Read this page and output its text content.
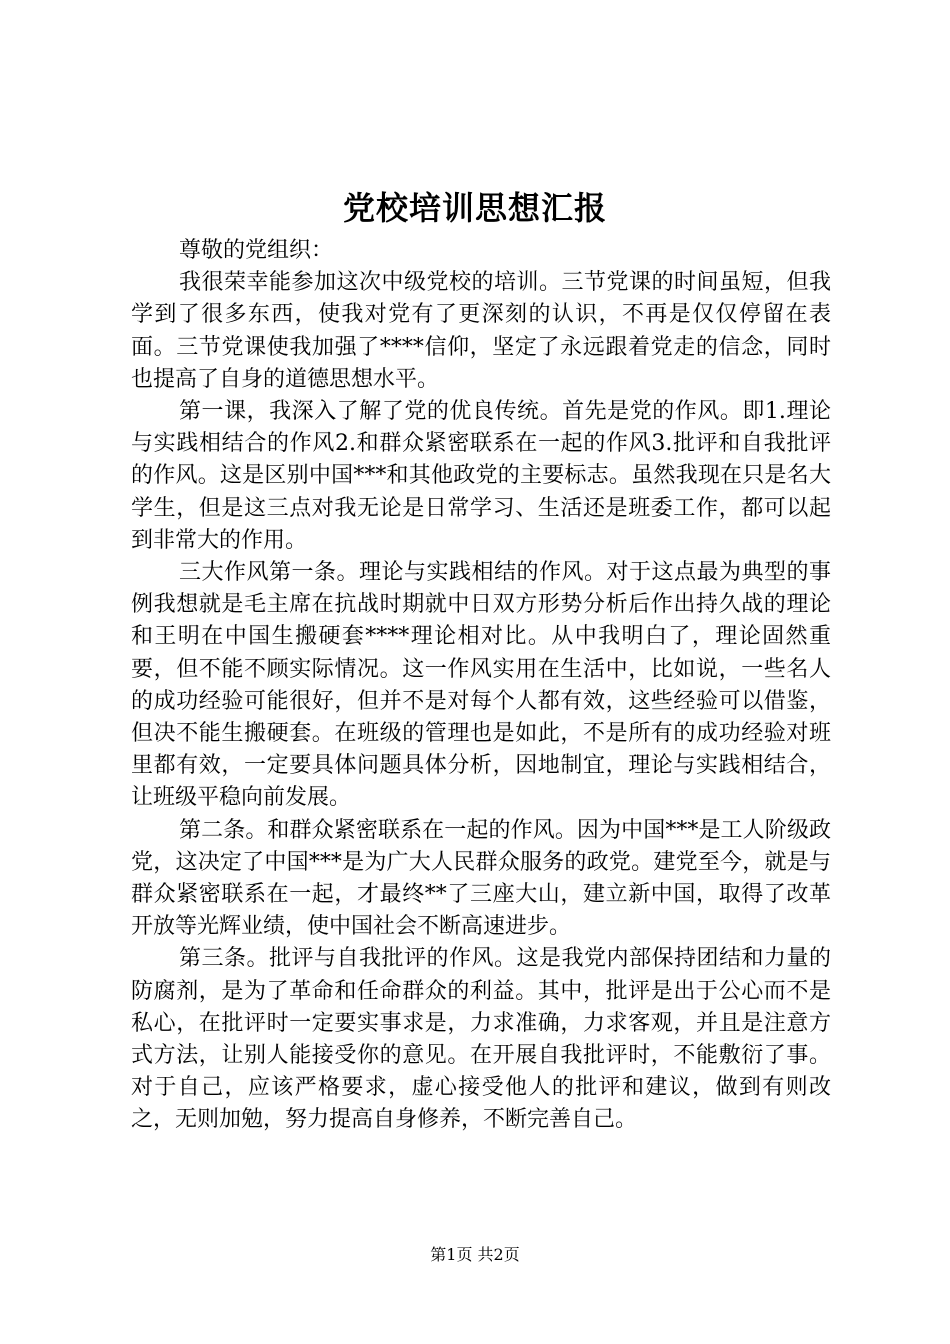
党校培训思想汇报

尊敬的党组织：

我很荣幸能参加这次中级党校的培训。三节党课的时间虽短，但我学到了很多东西，使我对党有了更深刻的认识，不再是仅仅停留在表面。三节党课使我加强了****信仰，坚定了永远跟着党走的信念，同时也提高了自身的道德思想水平。

第一课，我深入了解了党的优良传统。首先是党的作风。即1.理论与实践相结合的作风2.和群众紧密联系在一起的作风3.批评和自我批评的作风。这是区别中国***和其他政党的主要标志。虽然我现在只是名大学生，但是这三点对我无论是日常学习、生活还是班委工作，都可以起到非常大的作用。

三大作风第一条。理论与实践相结的作风。对于这点最为典型的事例我想就是毛主席在抗战时期就中日双方形势分析后作出持久战的理论和王明在中国生搬硬套****理论相对比。从中我明白了，理论固然重要，但不能不顾实际情况。这一作风实用在生活中，比如说，一些名人的成功经验可能很好，但并不是对每个人都有效，这些经验可以借鉴，但决不能生搬硬套。在班级的管理也是如此，不是所有的成功经验对班里都有效，一定要具体问题具体分析，因地制宜，理论与实践相结合，让班级平稳向前发展。

第二条。和群众紧密联系在一起的作风。因为中国***是工人阶级政党，这决定了中国***是为广大人民群众服务的政党。建党至今，就是与群众紧密联系在一起，才最终**了三座大山，建立新中国，取得了改革开放等光辉业绩，使中国社会不断高速进步。

第三条。批评与自我批评的作风。这是我党内部保持团结和力量的防腐剂，是为了革命和任命群众的利益。其中，批评是出于公心而不是私心，在批评时一定要实事求是，力求准确，力求客观，并且是注意方式方法，让别人能接受你的意见。在开展自我批评时，不能敷衍了事。对于自己，应该严格要求，虚心接受他人的批评和建议，做到有则改之，无则加勉，努力提高自身修养，不断完善自己。

第1页 共2页
